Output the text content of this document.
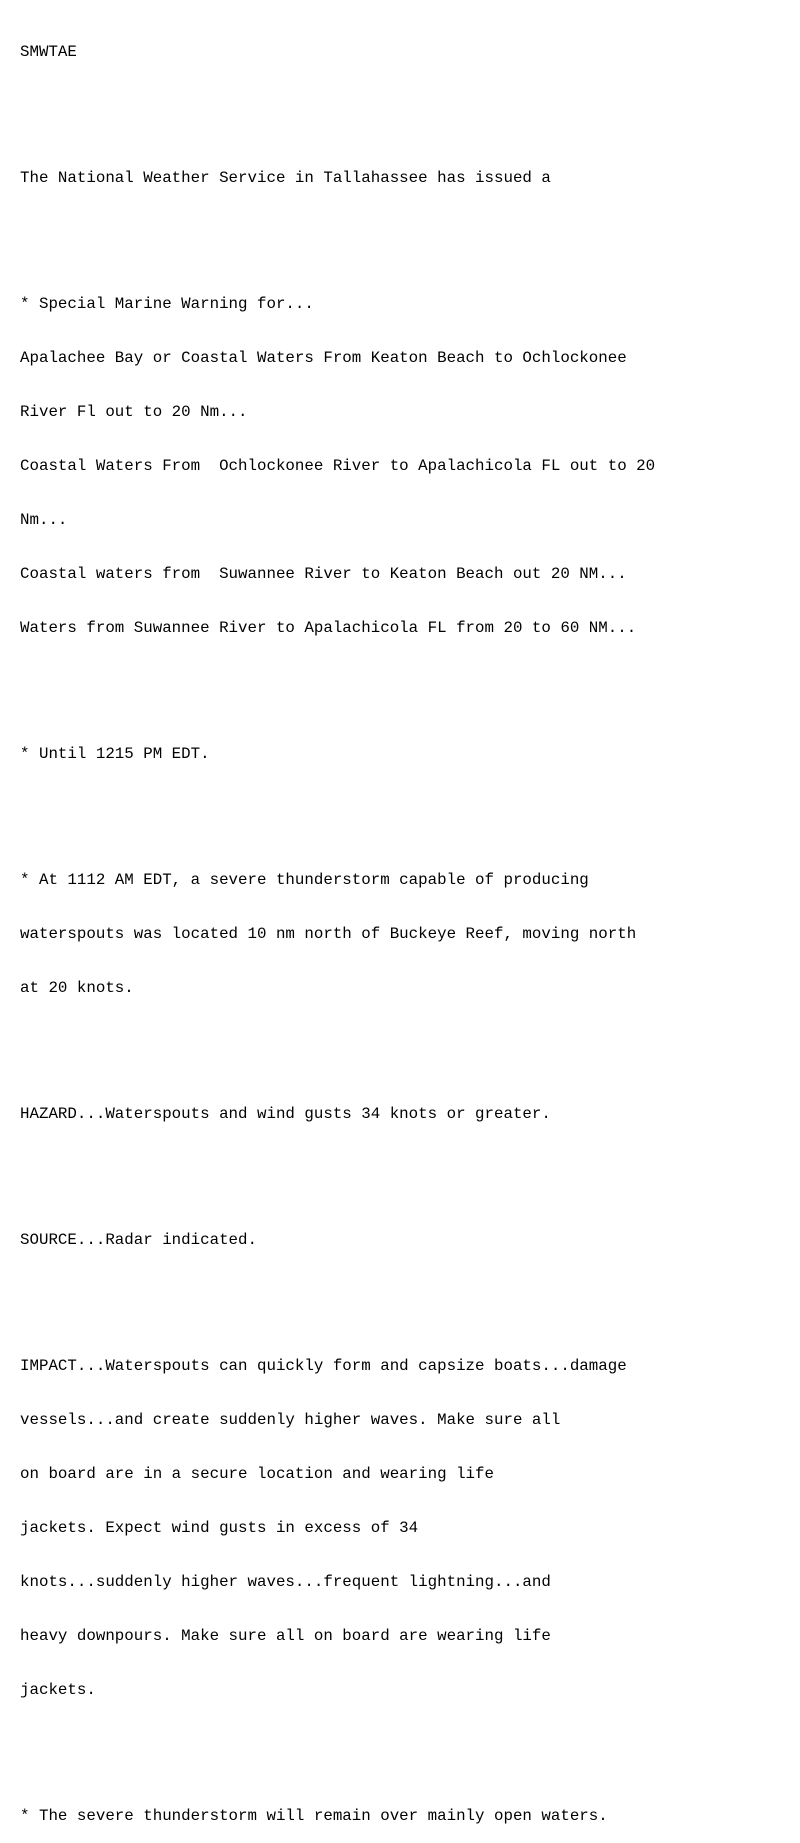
SMWTAE

The National Weather Service in Tallahassee has issued a

* Special Marine Warning for...

Apalachee Bay or Coastal Waters From Keaton Beach to Ochlockonee

River Fl out to 20 Nm...

Coastal Waters From  Ochlockonee River to Apalachicola FL out to 20

Nm...

Coastal waters from  Suwannee River to Keaton Beach out 20 NM...

Waters from Suwannee River to Apalachicola FL from 20 to 60 NM...

* Until 1215 PM EDT.

* At 1112 AM EDT, a severe thunderstorm capable of producing

waterspouts was located 10 nm north of Buckeye Reef, moving north

at 20 knots.

HAZARD...Waterspouts and wind gusts 34 knots or greater.

SOURCE...Radar indicated.

IMPACT...Waterspouts can quickly form and capsize boats...damage

vessels...and create suddenly higher waves. Make sure all

on board are in a secure location and wearing life

jackets. Expect wind gusts in excess of 34

knots...suddenly higher waves...frequent lightning...and

heavy downpours. Make sure all on board are wearing life

jackets.

* The severe thunderstorm will remain over mainly open waters.
